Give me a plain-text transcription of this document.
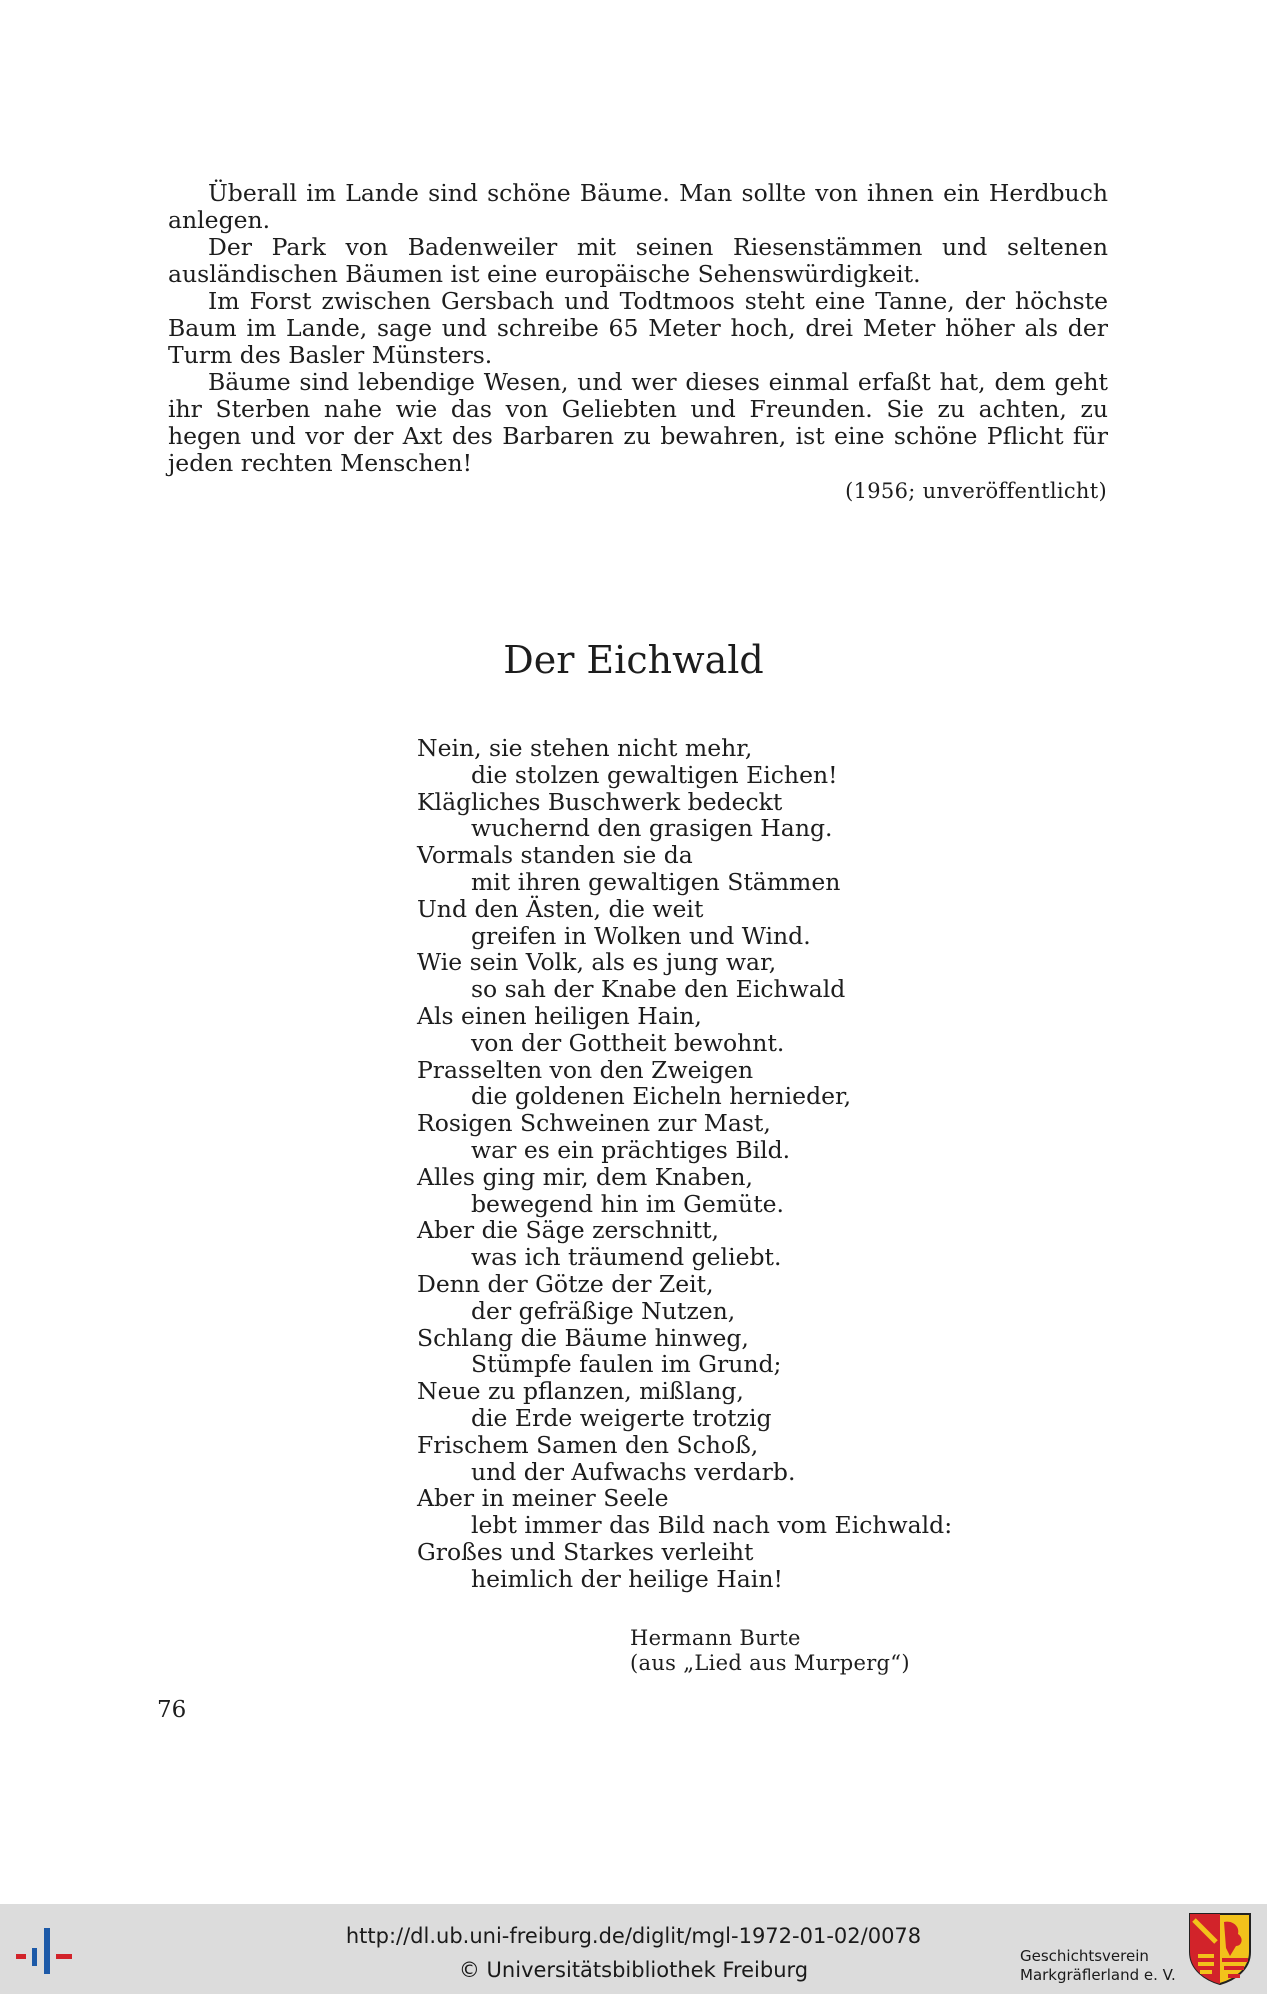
Überall im Lande sind schöne Bäume. Man sollte von ihnen ein Herdbuch anlegen.

Der Park von Badenweiler mit seinen Riesenstämmen und seltenen ausländischen Bäumen ist eine europäische Sehenswürdigkeit.

Im Forst zwischen Gersbach und Todtmoos steht eine Tanne, der höchste Baum im Lande, sage und schreibe 65 Meter hoch, drei Meter höher als der Turm des Basler Münsters.

Bäume sind lebendige Wesen, und wer dieses einmal erfaßt hat, dem geht ihr Sterben nahe wie das von Geliebten und Freunden. Sie zu achten, zu hegen und vor der Axt des Barbaren zu bewahren, ist eine schöne Pflicht für jeden rechten Menschen!

(1956; unveröffentlicht)
Der Eichwald
Nein, sie stehen nicht mehr,
die stolzen gewaltigen Eichen!
Klägliches Buschwerk bedeckt
wuchernd den grasigen Hang.
Vormals standen sie da
mit ihren gewaltigen Stämmen
Und den Ästen, die weit
greifen in Wolken und Wind.
Wie sein Volk, als es jung war,
so sah der Knabe den Eichwald
Als einen heiligen Hain,
von der Gottheit bewohnt.
Prasselten von den Zweigen
die goldenen Eicheln hernieder,
Rosigen Schweinen zur Mast,
war es ein prächtiges Bild.
Alles ging mir, dem Knaben,
bewegend hin im Gemüte.
Aber die Säge zerschnitt,
was ich träumend geliebt.
Denn der Götze der Zeit,
der gefräßige Nutzen,
Schlang die Bäume hinweg,
Stümpfe faulen im Grund;
Neue zu pflanzen, mißlang,
die Erde weigerte trotzig
Frischem Samen den Schoß,
und der Aufwachs verdarb.
Aber in meiner Seele
lebt immer das Bild nach vom Eichwald:
Großes und Starkes verleiht
heimlich der heilige Hain!
Hermann Burte
(aus „Lied aus Murperg“)
76
http://dl.ub.uni-freiburg.de/diglit/mgl-1972-01-02/0078
© Universitätsbibliothek Freiburg
Geschichtsverein
Markgräflerland e. V.
